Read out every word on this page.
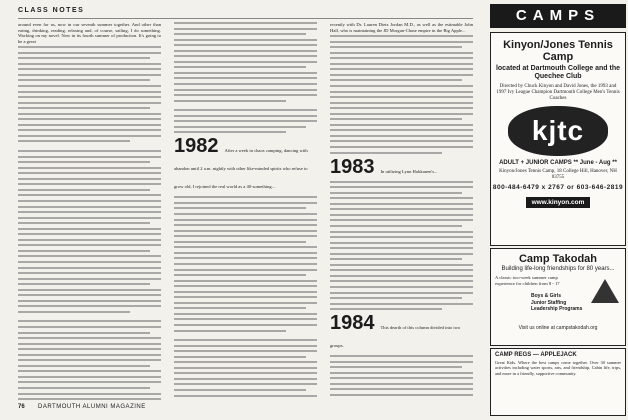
CLASS NOTES

around even for us, now in our seventh summer together. And other than eating, drinking, reading, relaxing and, of course, sailing, I do something. Working on my novel. Now in its fourth summer of production. It's going to be a great

1982 After a week in chaos camping, dancing with abandon until 2 a.m. nightly with other like-minded spirits who refuse to grow old, I rejoined the real world as a 40-something...

recently with Dr. Lauren Dietz Jordan M.D., as well as the estimable John Hall, who is maintaining the JD Morgan-Chase empire in the Big Apple...

1983 In utilizing Lynn Hokkanen's...
1984 This dearth of this column divided into two groups.
76 DARTMOUTH ALUMNI MAGAZINE
CAMPS
Kinyon/Jones Tennis Camp
located at Dartmouth College and the Quechee Club
Directed by Chuck Kinyon and David Jones, the 1993 and 1997 Ivy League Champion Dartmouth College Men's Tennis Coaches
kjtc
ADULT + JUNIOR CAMPS ** June - Aug **
Kinyon/Jones Tennis Camp, 18 College Hill, Hanover, NH 03755
800-484-6479 x 2767 or 603-646-2819
www.kinyon.com
Camp Takodah
Building life-long friendships for 80 years...
A classic two-week summer camp experience for children from 8 - 17
Boys & Girls
Junior Staffing
Leadership Programs
Visit us online at campstakodah.org
CAMP REGS — APPLEJACK
Great Kids. Where the best camps come together. Over 30 summer activities including water sports, arts, and friendship. Cabin life, trips, and more in a friendly, supportive community.
